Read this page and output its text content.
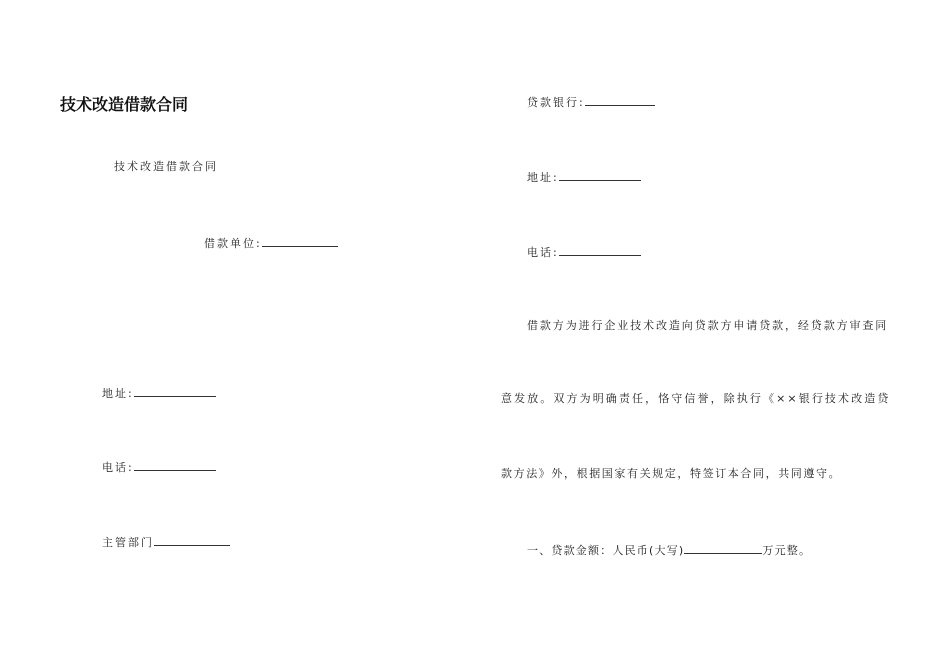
技术改造借款合同
技术改造借款合同
借款单位:
地址:
电话:
主管部门
贷款银行:
地址:
电话:
借款方为进行企业技术改造向贷款方申请贷款，经贷款方审查同
意发放。双方为明确责任，恪守信誉，除执行《××银行技术改造贷
款方法》外，根据国家有关规定，特签订本合同，共同遵守。
一、贷款金额：人民币(大写)	万元整。
